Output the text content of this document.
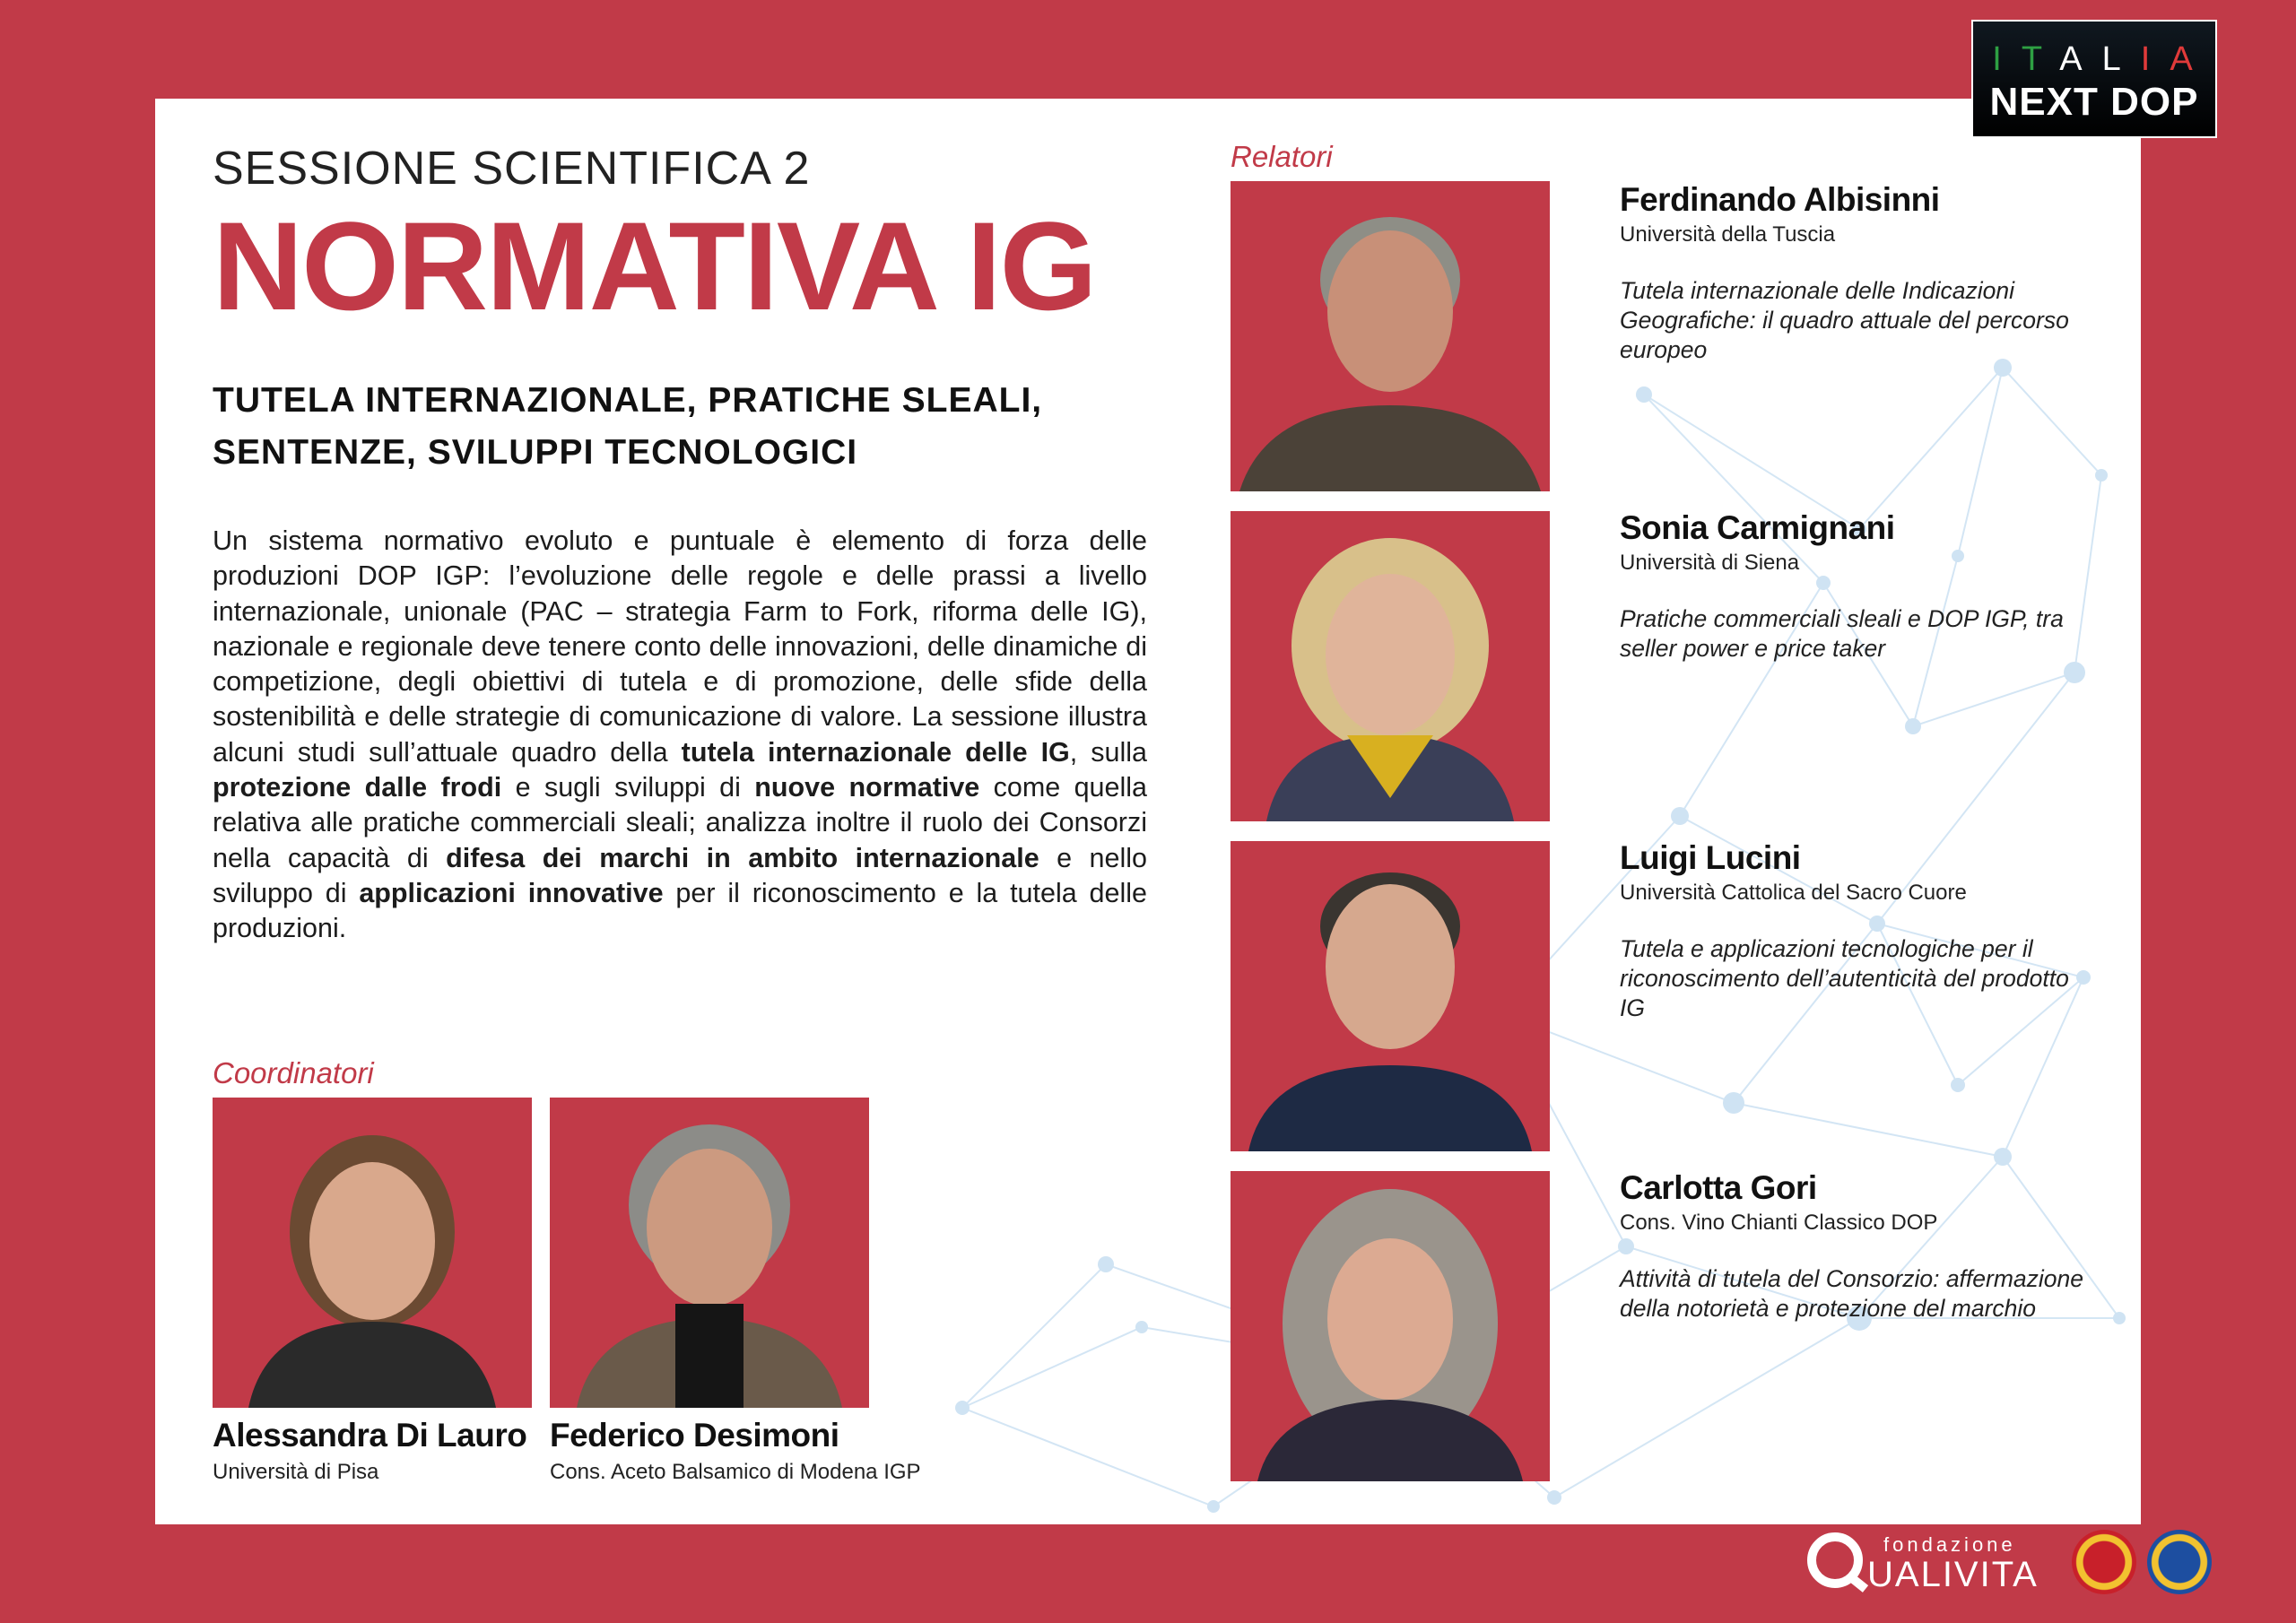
ITALIA
NEXT DOP
SESSIONE SCIENTIFICA 2
NORMATIVA IG
TUTELA INTERNAZIONALE, PRATICHE SLEALI,
SENTENZE, SVILUPPI TECNOLOGICI
Un sistema normativo evoluto e puntuale è elemento di forza delle produzioni DOP IGP: l’evoluzione delle regole e delle prassi a livello internazionale, unionale (PAC – strategia Farm to Fork, riforma delle IG), nazionale e regionale deve tenere conto delle innovazioni, delle dinamiche di competizione, degli obiettivi di tutela e di promozione, delle sfide della sostenibilità e delle strategie di comunicazione di valore. La sessione illustra alcuni studi sull’attuale quadro della tutela internazionale delle IG, sulla protezione dalle frodi e sugli sviluppi di nuove normative come quella relativa alle pratiche commerciali sleali; analizza inoltre il ruolo dei Consorzi nella capacità di difesa dei marchi in ambito internazionale e nello sviluppo di applicazioni innovative per il riconoscimento e la tutela delle produzioni.
Coordinatori
Alessandra Di Lauro
Università di Pisa
Federico Desimoni
Cons. Aceto Balsamico di Modena IGP
Relatori
Ferdinando Albisinni
Università della Tuscia
Tutela internazionale delle Indicazioni Geografiche: il quadro attuale del percorso europeo
Sonia Carmignani
Università di Siena
Pratiche commerciali sleali e DOP IGP, tra seller power e price taker
Luigi Lucini
Università Cattolica del Sacro Cuore
Tutela e applicazioni tecnologiche per il riconoscimento dell’autenticità del prodotto IG
Carlotta Gori
Cons. Vino Chianti Classico DOP
Attività di tutela del Consorzio: affermazione della notorietà e protezione del marchio
fondazione
UALIVITA
